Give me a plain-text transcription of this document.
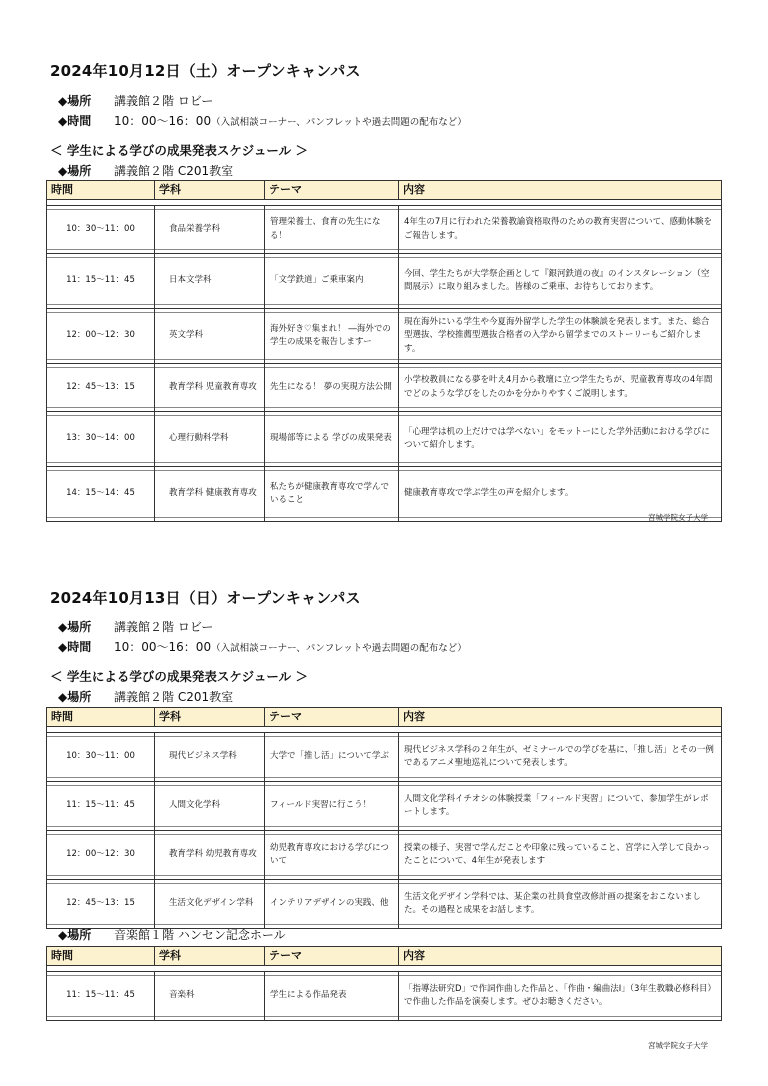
2024年10月12日（土）オープンキャンパス
◆場所 講義館２階 ロビー
◆時間 10：00〜16：00（入試相談コーナー、パンフレットや過去問題の配布など）
＜ 学生による学びの成果発表スケジュール ＞
◆場所 講義館２階 C201教室
時間	学科	テーマ	内容

10：30〜11：00	食品栄養学科	管理栄養士、食育の先生になる！	4年生の7月に行われた栄養教諭資格取得のための教育実習について、感動体験をご報告します。

11：15〜11：45	日本文学科	「文学鉄道」ご乗車案内	今回、学生たちが大学祭企画として『銀河鉄道の夜』のインスタレーション（空間展示）に取り組みました。皆様のご乗車、お待ちしております。

12：00〜12：30	英文学科	海外好き♡集まれ！ ―海外での学生の成果を報告しますー	現在海外にいる学生や今夏海外留学した学生の体験談を発表します。また、総合型選抜、学校推薦型選抜合格者の入学から留学までのストーリーもご紹介します。

12：45〜13：15	教育学科 児童教育専攻	先生になる！ 夢の実現方法公開	小学校教員になる夢を叶え4月から教壇に立つ学生たちが、児童教育専攻の4年間でどのような学びをしたのかを分かりやすくご説明します。

13：30〜14：00	心理行動科学科	現場部等による 学びの成果発表	「心理学は机の上だけでは学べない」をモットーにした学外活動における学びについて紹介します。

14：15〜14：45	教育学科 健康教育専攻	私たちが健康教育専攻で学んでいること	健康教育専攻で学ぶ学生の声を紹介します。
宮城学院女子大学
2024年10月13日（日）オープンキャンパス
◆場所 講義館２階 ロビー
◆時間 10：00〜16：00（入試相談コーナー、パンフレットや過去問題の配布など）
＜ 学生による学びの成果発表スケジュール ＞
◆場所 講義館２階 C201教室
時間	学科	テーマ	内容

10：30〜11：00	現代ビジネス学科	大学で「推し活」について学ぶ	現代ビジネス学科の２年生が、ゼミナールでの学びを基に、「推し活」とその一例であるアニメ聖地巡礼について発表します。

11：15〜11：45	人間文化学科	フィールド実習に行こう！	人間文化学科イチオシの体験授業「フィールド実習」について、参加学生がレポートします。

12：00〜12：30	教育学科 幼児教育専攻	幼児教育専攻における学びについて	授業の様子、実習で学んだことや印象に残っていること、宮学に入学して良かったことについて、4年生が発表します

12：45〜13：15	生活文化デザイン学科	インテリアデザインの実践、他	生活文化デザイン学科では、某企業の社員食堂改修計画の提案をおこないました。その過程と成果をお話します。
◆場所 音楽館１階 ハンセン記念ホール
時間	学科	テーマ	内容

11：15〜11：45	音楽科	学生による作品発表	「指導法研究D」で作詞作曲した作品と、「作曲・編曲法I」（3年生教職必修科目）で作曲した作品を演奏します。ぜひお聴きください。
宮城学院女子大学
